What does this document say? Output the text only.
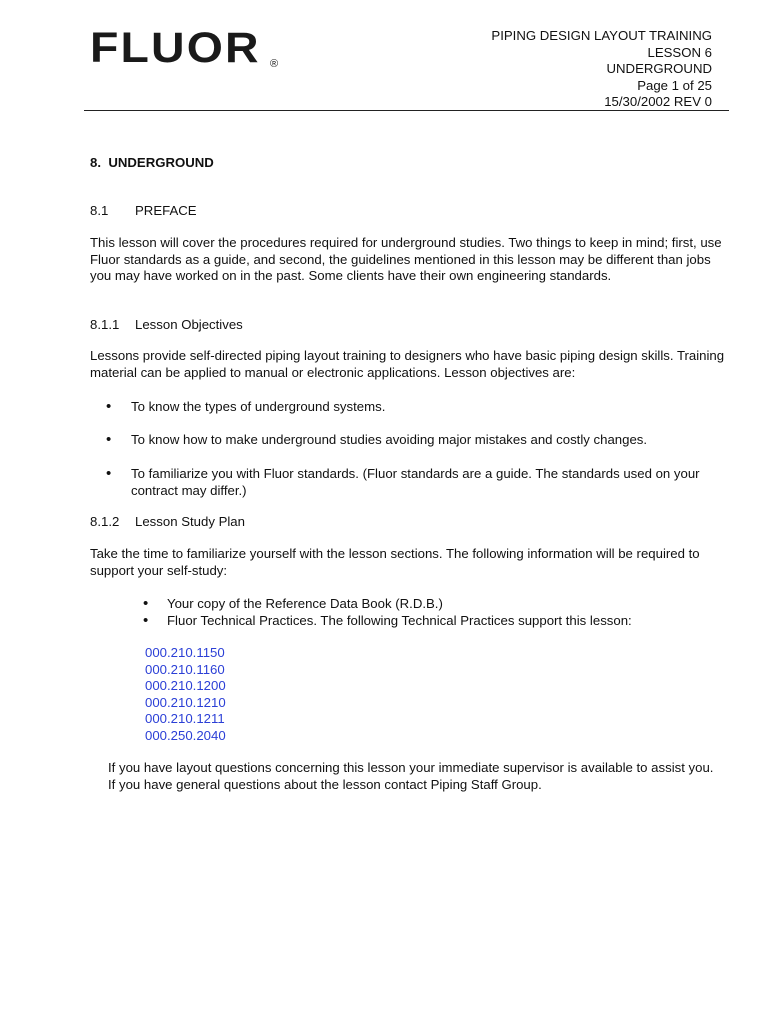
FLUOR ®
PIPING DESIGN LAYOUT TRAINING
LESSON 6
UNDERGROUND
Page 1 of 25
15/30/2002 REV 0
8. UNDERGROUND
8.1 PREFACE
This lesson will cover the procedures required for underground studies. Two things to keep in mind; first, use Fluor standards as a guide, and second, the guidelines mentioned in this lesson may be different than jobs you may have worked on in the past. Some clients have their own engineering standards.
8.1.1 Lesson Objectives
Lessons provide self-directed piping layout training to designers who have basic piping design skills. Training material can be applied to manual or electronic applications. Lesson objectives are:
• To know the types of underground systems.
• To know how to make underground studies avoiding major mistakes and costly changes.
• To familiarize you with Fluor standards. (Fluor standards are a guide. The standards used on your contract may differ.)
8.1.2 Lesson Study Plan
Take the time to familiarize yourself with the lesson sections. The following information will be required to support your self-study:
• Your copy of the Reference Data Book (R.D.B.)
• Fluor Technical Practices. The following Technical Practices support this lesson:
000.210.1150
000.210.1160
000.210.1200
000.210.1210
000.210.1211
000.250.2040
If you have layout questions concerning this lesson your immediate supervisor is available to assist you. If you have general questions about the lesson contact Piping Staff Group.
